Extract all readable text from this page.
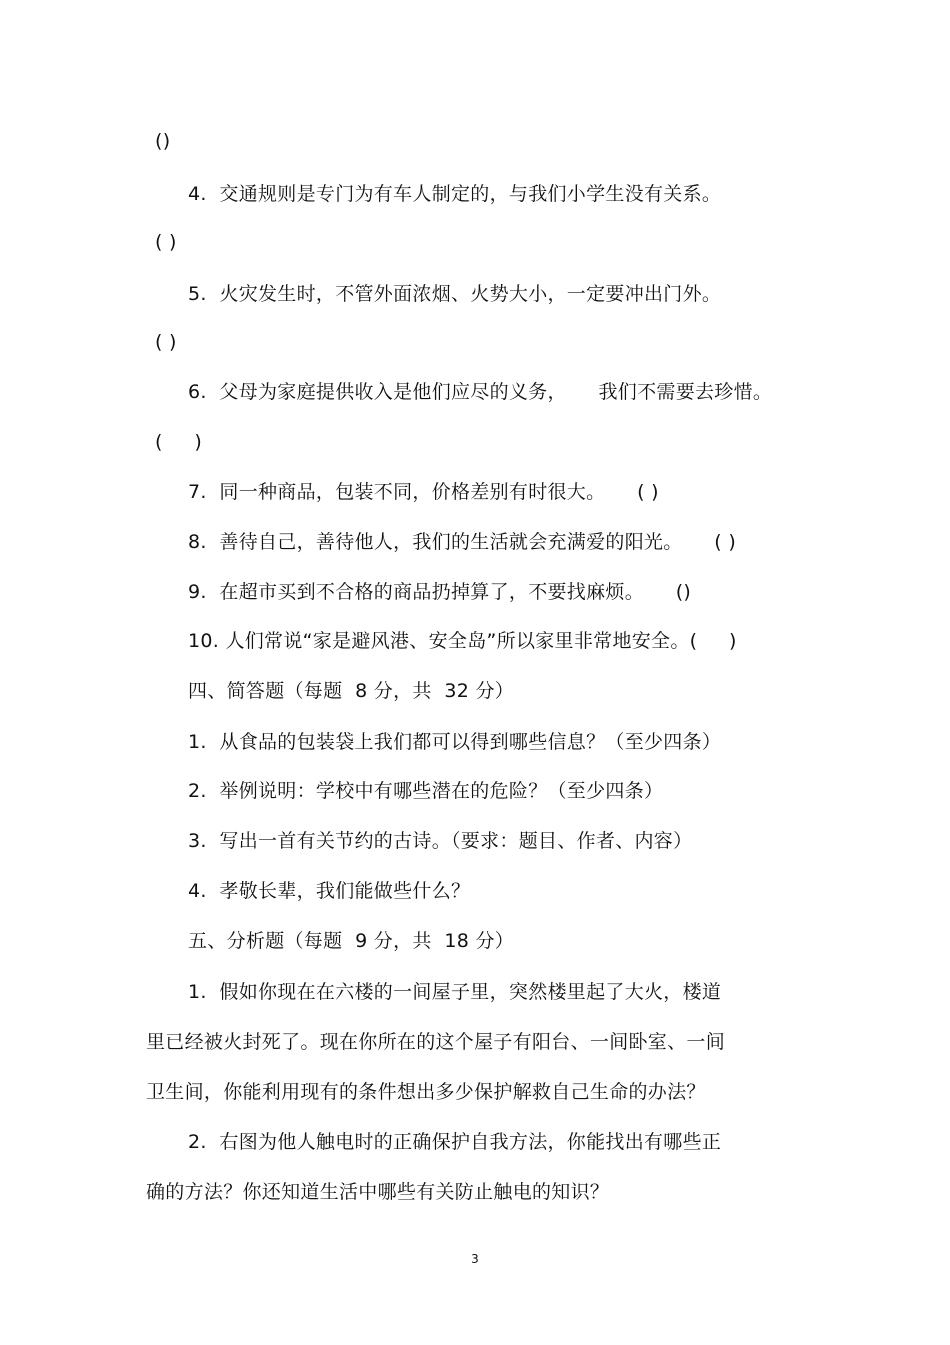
()
4.  交通规则是专门为有车人制定的，与我们小学生没有关系。
( )
5.  火灾发生时，不管外面浓烟、火势大小，一定要冲出门外。
( )
6.  父母为家庭提供收入是他们应尽的义务，     我们不需要去珍惜。
(     )
7.  同一种商品，包装不同，价格差别有时很大。     ( )
8.  善待自己，善待他人，我们的生活就会充满爱的阳光。     ( )
9.  在超市买到不合格的商品扔掉算了，不要找麻烦。     ()
10. 人们常说“家是避风港、安全岛”所以家里非常地安全。(     )
四、简答题（每题  8 分，共  32 分）
1.  从食品的包装袋上我们都可以得到哪些信息？（至少四条）
2.  举例说明：学校中有哪些潜在的危险？（至少四条）
3.  写出一首有关节约的古诗。（要求：题目、作者、内容）
4.  孝敬长辈，我们能做些什么？
五、分析题（每题  9 分，共  18 分）
1.  假如你现在在六楼的一间屋子里，突然楼里起了大火，楼道
里已经被火封死了。现在你所在的这个屋子有阳台、一间卧室、一间
卫生间，你能利用现有的条件想出多少保护解救自己生命的办法？
2.  右图为他人触电时的正确保护自我方法，你能找出有哪些正
确的方法？你还知道生活中哪些有关防止触电的知识？
3
